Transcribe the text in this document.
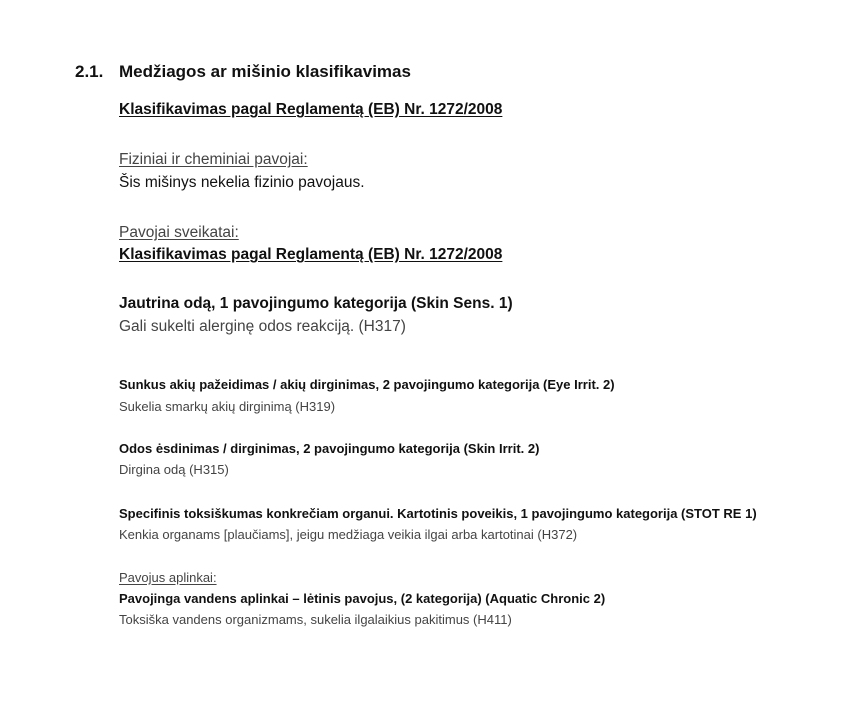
2.1. Medžiagos ar mišinio klasifikavimas
Klasifikavimas pagal Reglamentą (EB) Nr. 1272/2008
Fiziniai ir cheminiai pavojai:
Šis mišinys nekelia fizinio pavojaus.
Pavojai sveikatai:
Klasifikavimas pagal Reglamentą (EB) Nr. 1272/2008
Jautrina odą, 1 pavojingumo kategorija (Skin Sens. 1)
Gali sukelti alerginę odos reakciją. (H317)
Sunkus akių pažeidimas / akių dirginimas, 2 pavojingumo kategorija (Eye Irrit. 2)
Sukelia smarkų akių dirginimą (H319)
Odos ėsdinimas / dirginimas, 2 pavojingumo kategorija (Skin Irrit. 2)
Dirgina odą (H315)
Specifinis toksiškumas konkrečiam organui. Kartotinis poveikis, 1 pavojingumo kategorija (STOT RE 1)
Kenkia organams [plaučiams], jeigu medžiaga veikia ilgai arba kartotinai (H372)
Pavojus aplinkai:
Pavojinga vandens aplinkai – lėtinis pavojus, (2 kategorija) (Aquatic Chronic 2)
Toksiška vandens organizmams, sukelia ilgalaikius pakitimus (H411)
